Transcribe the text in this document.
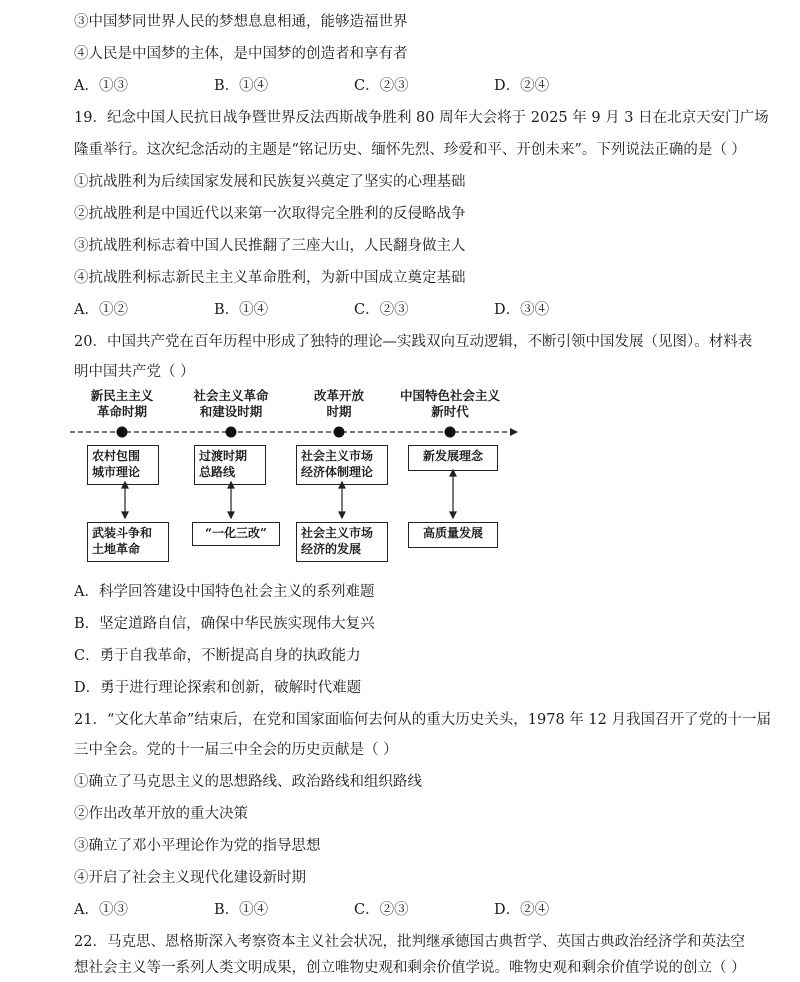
③中国梦同世界人民的梦想息息相通，能够造福世界
④人民是中国梦的主体，是中国梦的创造者和享有者
A．①③	B．①④	C．②③	D．②④
19．纪念中国人民抗日战争暨世界反法西斯战争胜利 80 周年大会将于 2025 年 9 月 3 日在北京天安门广场
隆重举行。这次纪念活动的主题是“铭记历史、缅怀先烈、珍爱和平、开创未来”。下列说法正确的是（ ）
①抗战胜利为后续国家发展和民族复兴奠定了坚实的心理基础
②抗战胜利是中国近代以来第一次取得完全胜利的反侵略战争
③抗战胜利标志着中国人民推翻了三座大山，人民翻身做主人
④抗战胜利标志新民主主义革命胜利，为新中国成立奠定基础
A．①②	B．①④	C．②③	D．③④
20．中国共产党在百年历程中形成了独特的理论—实践双向互动逻辑，不断引领中国发展（见图）。材料表
明中国共产党（ ）
新民主主义
革命时期
社会主义革命
和建设时期
改革开放
时期
中国特色社会主义
新时代
农村包围
城市理论
过渡时期
总路线
社会主义市场
经济体制理论
新发展理念
武装斗争和
土地革命
“一化三改”	社会主义市场
经济的发展
高质量发展
A．科学回答建设中国特色社会主义的系列难题
B．坚定道路自信，确保中华民族实现伟大复兴
C．勇于自我革命，不断提高自身的执政能力
D．勇于进行理论探索和创新，破解时代难题
21．“文化大革命”结束后，在党和国家面临何去何从的重大历史关头，1978 年 12 月我国召开了党的十一届
三中全会。党的十一届三中全会的历史贡献是（ ）
①确立了马克思主义的思想路线、政治路线和组织路线
②作出改革开放的重大决策
③确立了邓小平理论作为党的指导思想
④开启了社会主义现代化建设新时期
A．①③	B．①④	C．②③	D．②④
22．马克思、恩格斯深入考察资本主义社会状况，批判继承德国古典哲学、英国古典政治经济学和英法空
想社会主义等一系列人类文明成果，创立唯物史观和剩余价值学说。唯物史观和剩余价值学说的创立（ ）
